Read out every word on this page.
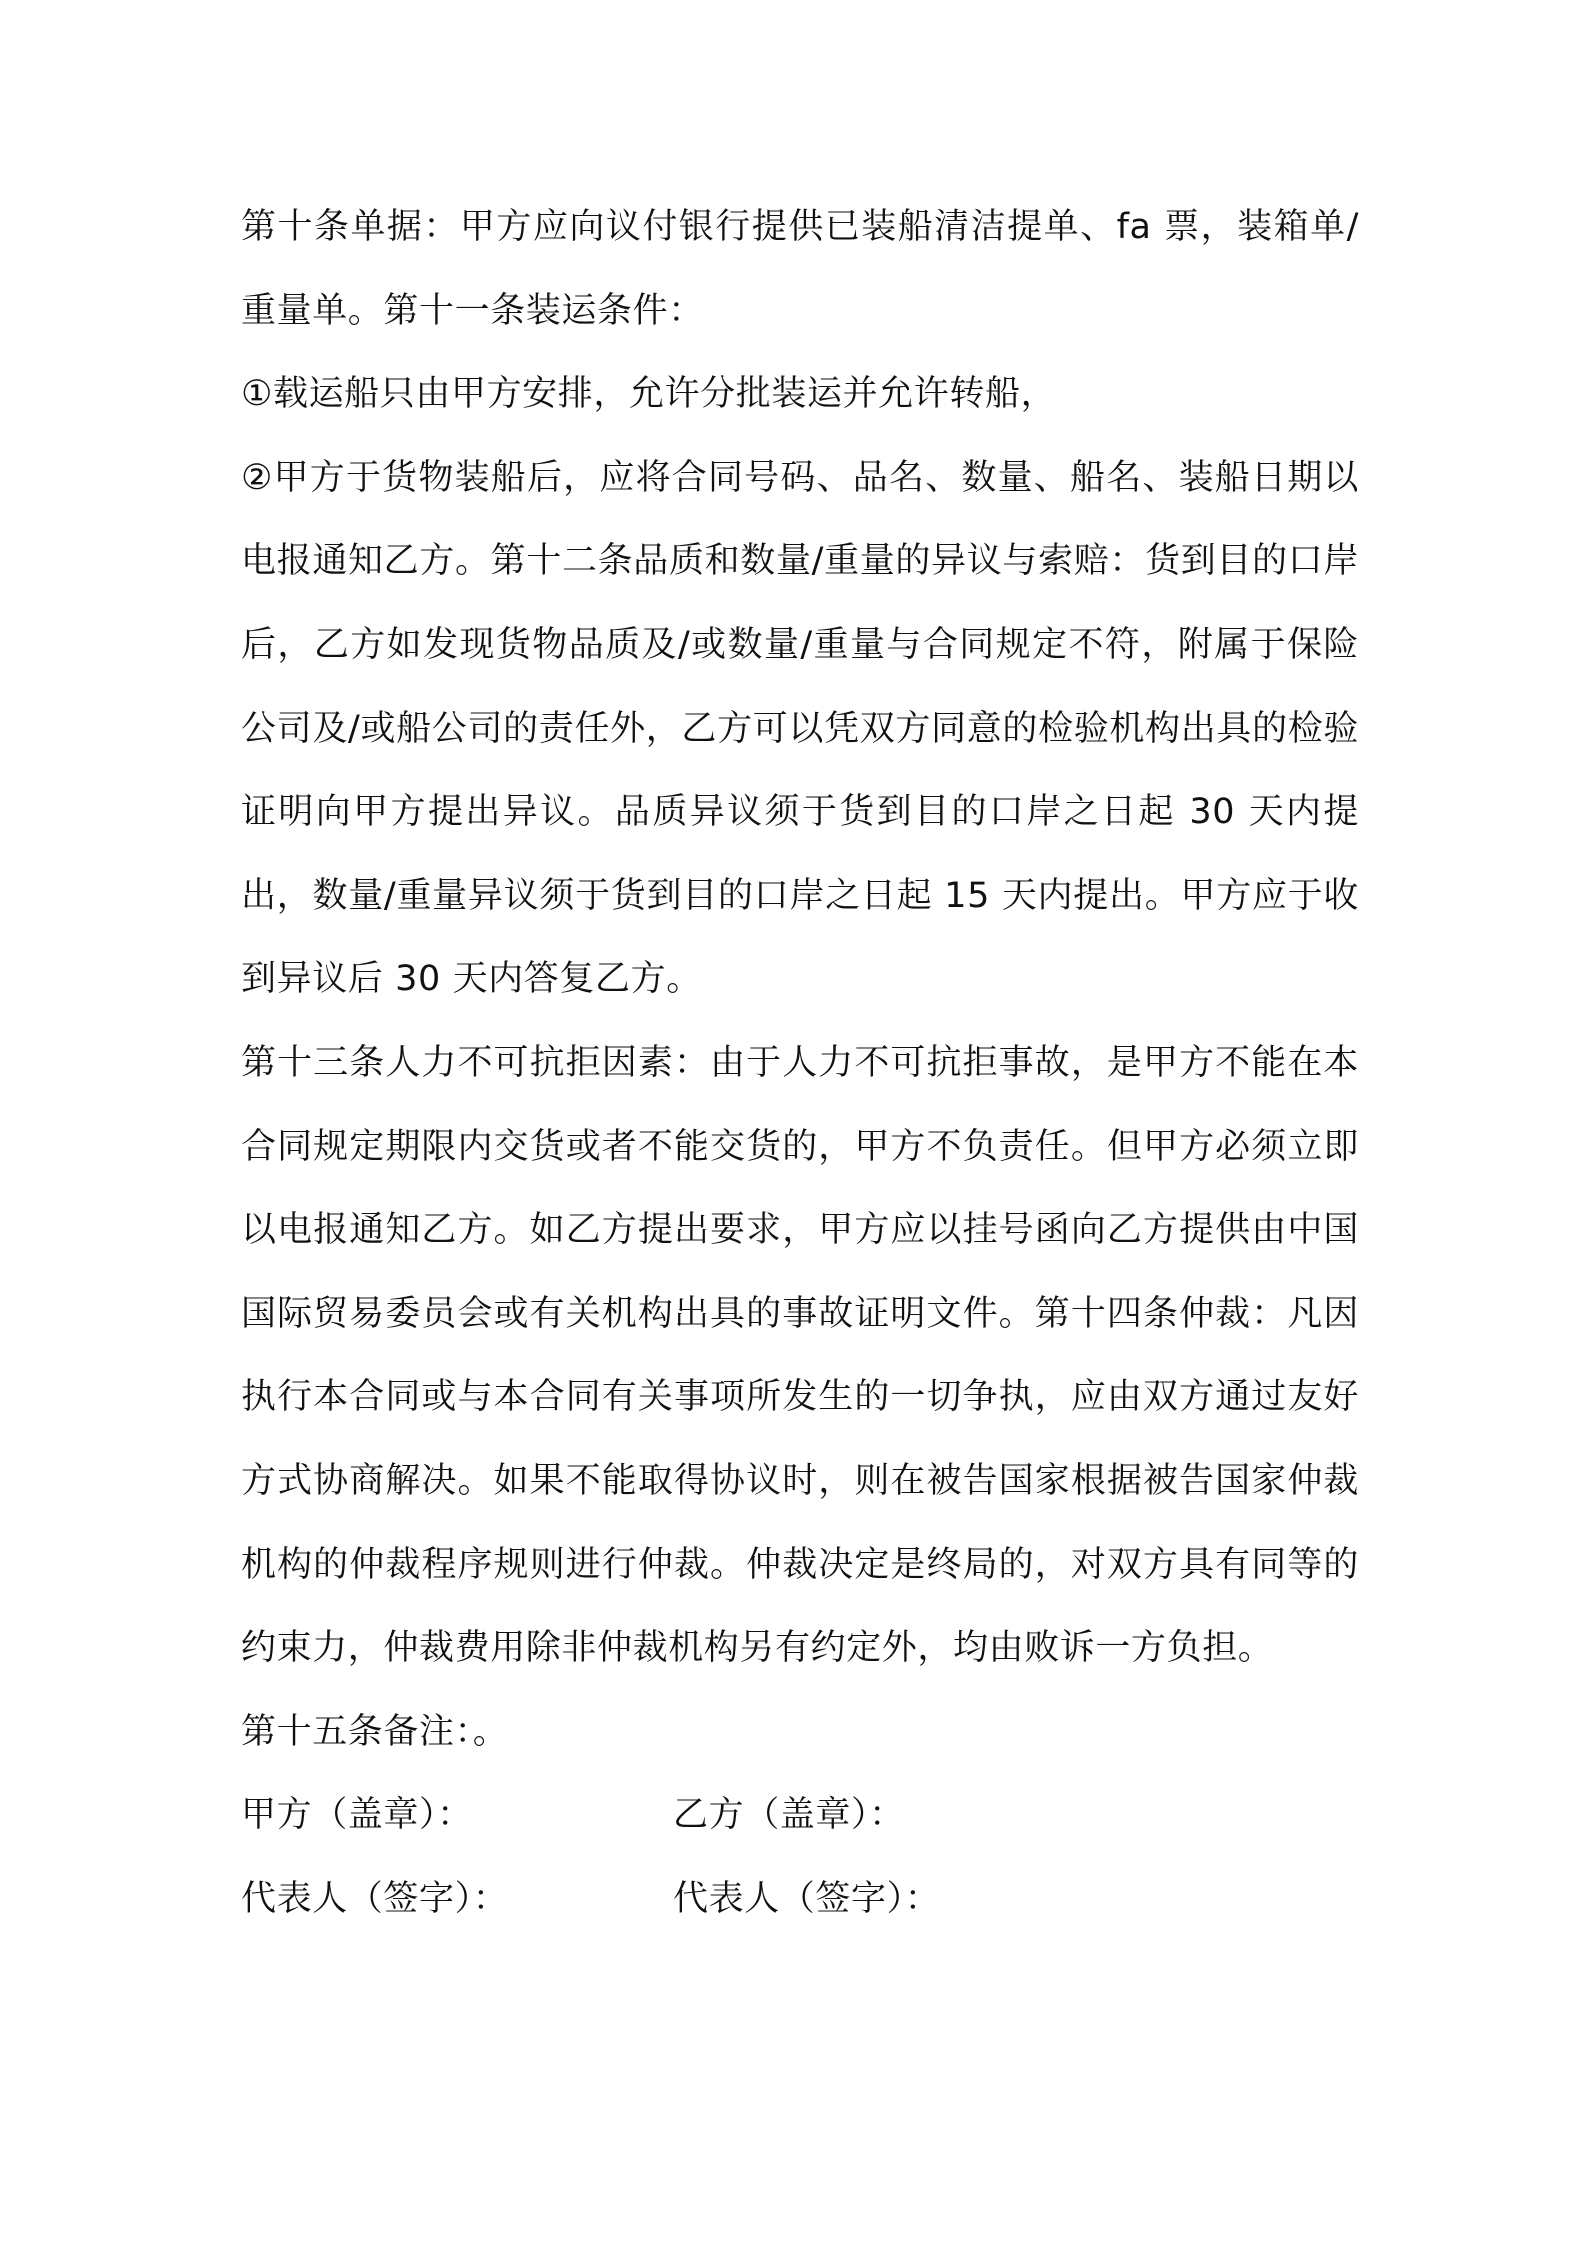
第十条单据：甲方应向议付银行提供已装船清洁提单、fa 票，装箱单/重量单。第十一条装运条件：

①载运船只由甲方安排，允许分批装运并允许转船，

②甲方于货物装船后，应将合同号码、品名、数量、船名、装船日期以电报通知乙方。第十二条品质和数量/重量的异议与索赔：货到目的口岸后，乙方如发现货物品质及/或数量/重量与合同规定不符，附属于保险公司及/或船公司的责任外，乙方可以凭双方同意的检验机构出具的检验证明向甲方提出异议。品质异议须于货到目的口岸之日起 30 天内提出，数量/重量异议须于货到目的口岸之日起 15 天内提出。甲方应于收到异议后 30 天内答复乙方。

第十三条人力不可抗拒因素：由于人力不可抗拒事故，是甲方不能在本合同规定期限内交货或者不能交货的，甲方不负责任。但甲方必须立即以电报通知乙方。如乙方提出要求，甲方应以挂号函向乙方提供由中国国际贸易委员会或有关机构出具的事故证明文件。第十四条仲裁：凡因执行本合同或与本合同有关事项所发生的一切争执，应由双方通过友好方式协商解决。如果不能取得协议时，则在被告国家根据被告国家仲裁机构的仲裁程序规则进行仲裁。仲裁决定是终局的，对双方具有同等的约束力，仲裁费用除非仲裁机构另有约定外，均由败诉一方负担。

第十五条备注：。

甲方（盖章）：	乙方（盖章）：
代表人（签字）：	代表人（签字）：
